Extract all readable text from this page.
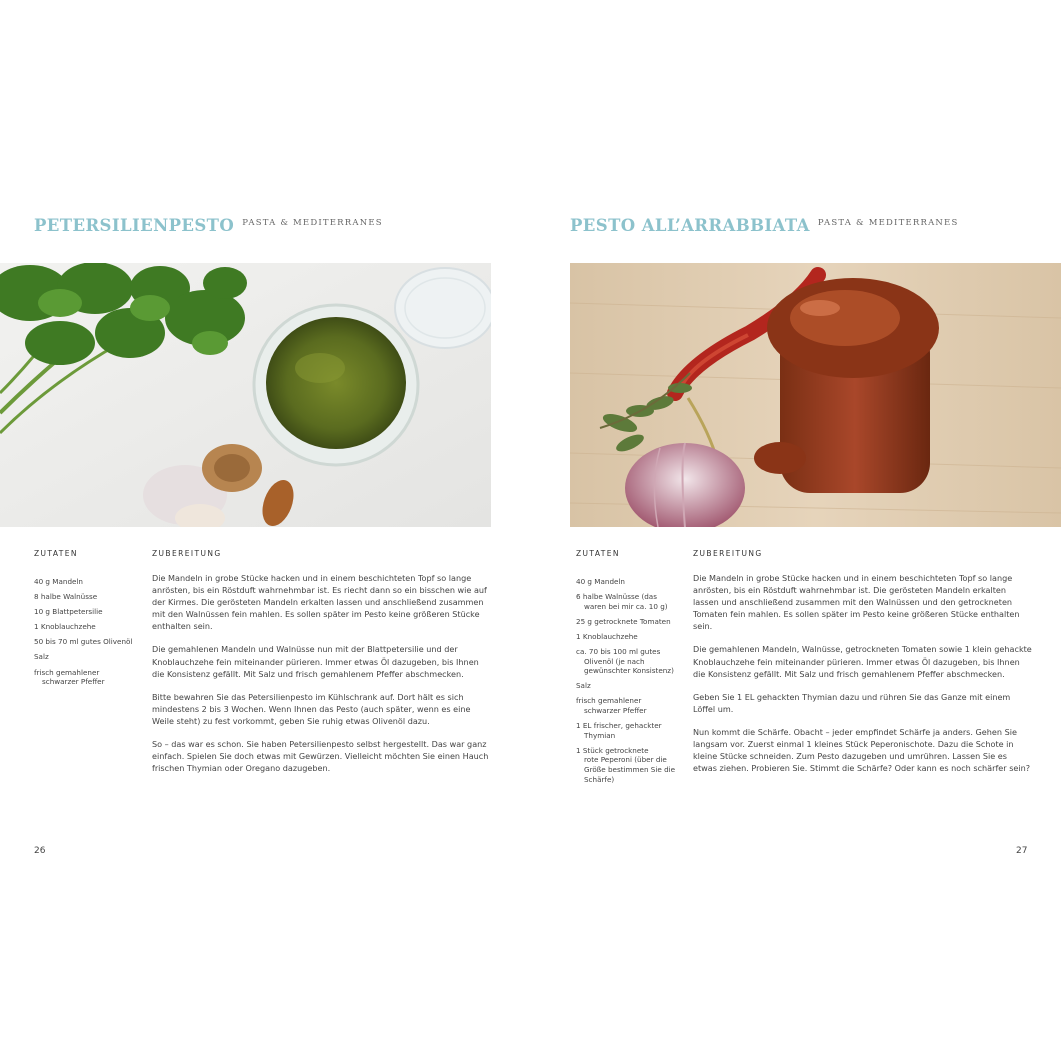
PETERSILIENPESTO $^{PASTA \& MEDITERRANES}$
ZUTATEN	ZUBEREITUNG
40 g Mandeln
8 halbe Walnüsse
10 g Blattpetersilie
1 Knoblauchzehe
50 bis 70 ml gutes Olivenöl
Salz
frisch gemahlener
schwarzer Pfeffer

Die Mandeln in grobe Stücke hacken und in einem beschichteten Topf so lange anrösten, bis ein Röstduft wahrnehmbar ist. Es riecht dann so ein bisschen wie auf der Kirmes. Die gerösteten Mandeln erkalten lassen und anschließend zusammen mit den Walnüssen fein mahlen. Es sollen später im Pesto keine größeren Stücke enthalten sein.

Die gemahlenen Mandeln und Walnüsse nun mit der Blattpetersilie und der Knoblauchzehe fein miteinander pürieren. Immer etwas Öl dazugeben, bis Ihnen die Konsistenz gefällt. Mit Salz und frisch gemahlenem Pfeffer abschmecken.

Bitte bewahren Sie das Petersilienpesto im Kühlschrank auf. Dort hält es sich mindestens 2 bis 3 Wochen. Wenn Ihnen das Pesto (auch später, wenn es eine Weile steht) zu fest vorkommt, geben Sie ruhig etwas Olivenöl dazu.

So – das war es schon. Sie haben Petersilienpesto selbst hergestellt. Das war ganz einfach. Spielen Sie doch etwas mit Gewürzen. Vielleicht möchten Sie einen Hauch frischen Thymian oder Oregano dazugeben.

26
PESTO ALL’ARRABBIATA $^{PASTA \& MEDITERRANES}$
ZUTATEN	ZUBEREITUNG
40 g Mandeln
6 halbe Walnüsse (das
waren bei mir ca. 10 g)
25 g getrocknete Tomaten
1 Knoblauchzehe
ca. 70 bis 100 ml gutes
Olivenöl (je nach gewünschter Konsistenz)
Salz
frisch gemahlener
schwarzer Pfeffer
1 EL frischer, gehackter
Thymian
1 Stück getrocknete
rote Peperoni (über die Größe bestimmen Sie die Schärfe)

Die Mandeln in grobe Stücke hacken und in einem beschichteten Topf so lange anrösten, bis ein Röstduft wahrnehmbar ist. Die gerösteten Mandeln erkalten lassen und anschließend zusammen mit den Walnüssen und den getrockneten Tomaten fein mahlen. Es sollen später im Pesto keine größeren Stücke enthalten sein.

Die gemahlenen Mandeln, Walnüsse, getrockneten Tomaten sowie 1 klein gehackte Knoblauchzehe fein miteinander pürieren. Immer etwas Öl dazugeben, bis Ihnen die Konsistenz gefällt. Mit Salz und frisch gemahlenem Pfeffer abschmecken.

Geben Sie 1 EL gehackten Thymian dazu und rühren Sie das Ganze mit einem Löffel um.

Nun kommt die Schärfe. Obacht – jeder empfindet Schärfe ja anders. Gehen Sie langsam vor. Zuerst einmal 1 kleines Stück Peperonischote. Dazu die Schote in kleine Stücke schneiden. Zum Pesto dazugeben und umrühren. Lassen Sie es etwas ziehen. Probieren Sie. Stimmt die Schärfe? Oder kann es noch schärfer sein?

27
